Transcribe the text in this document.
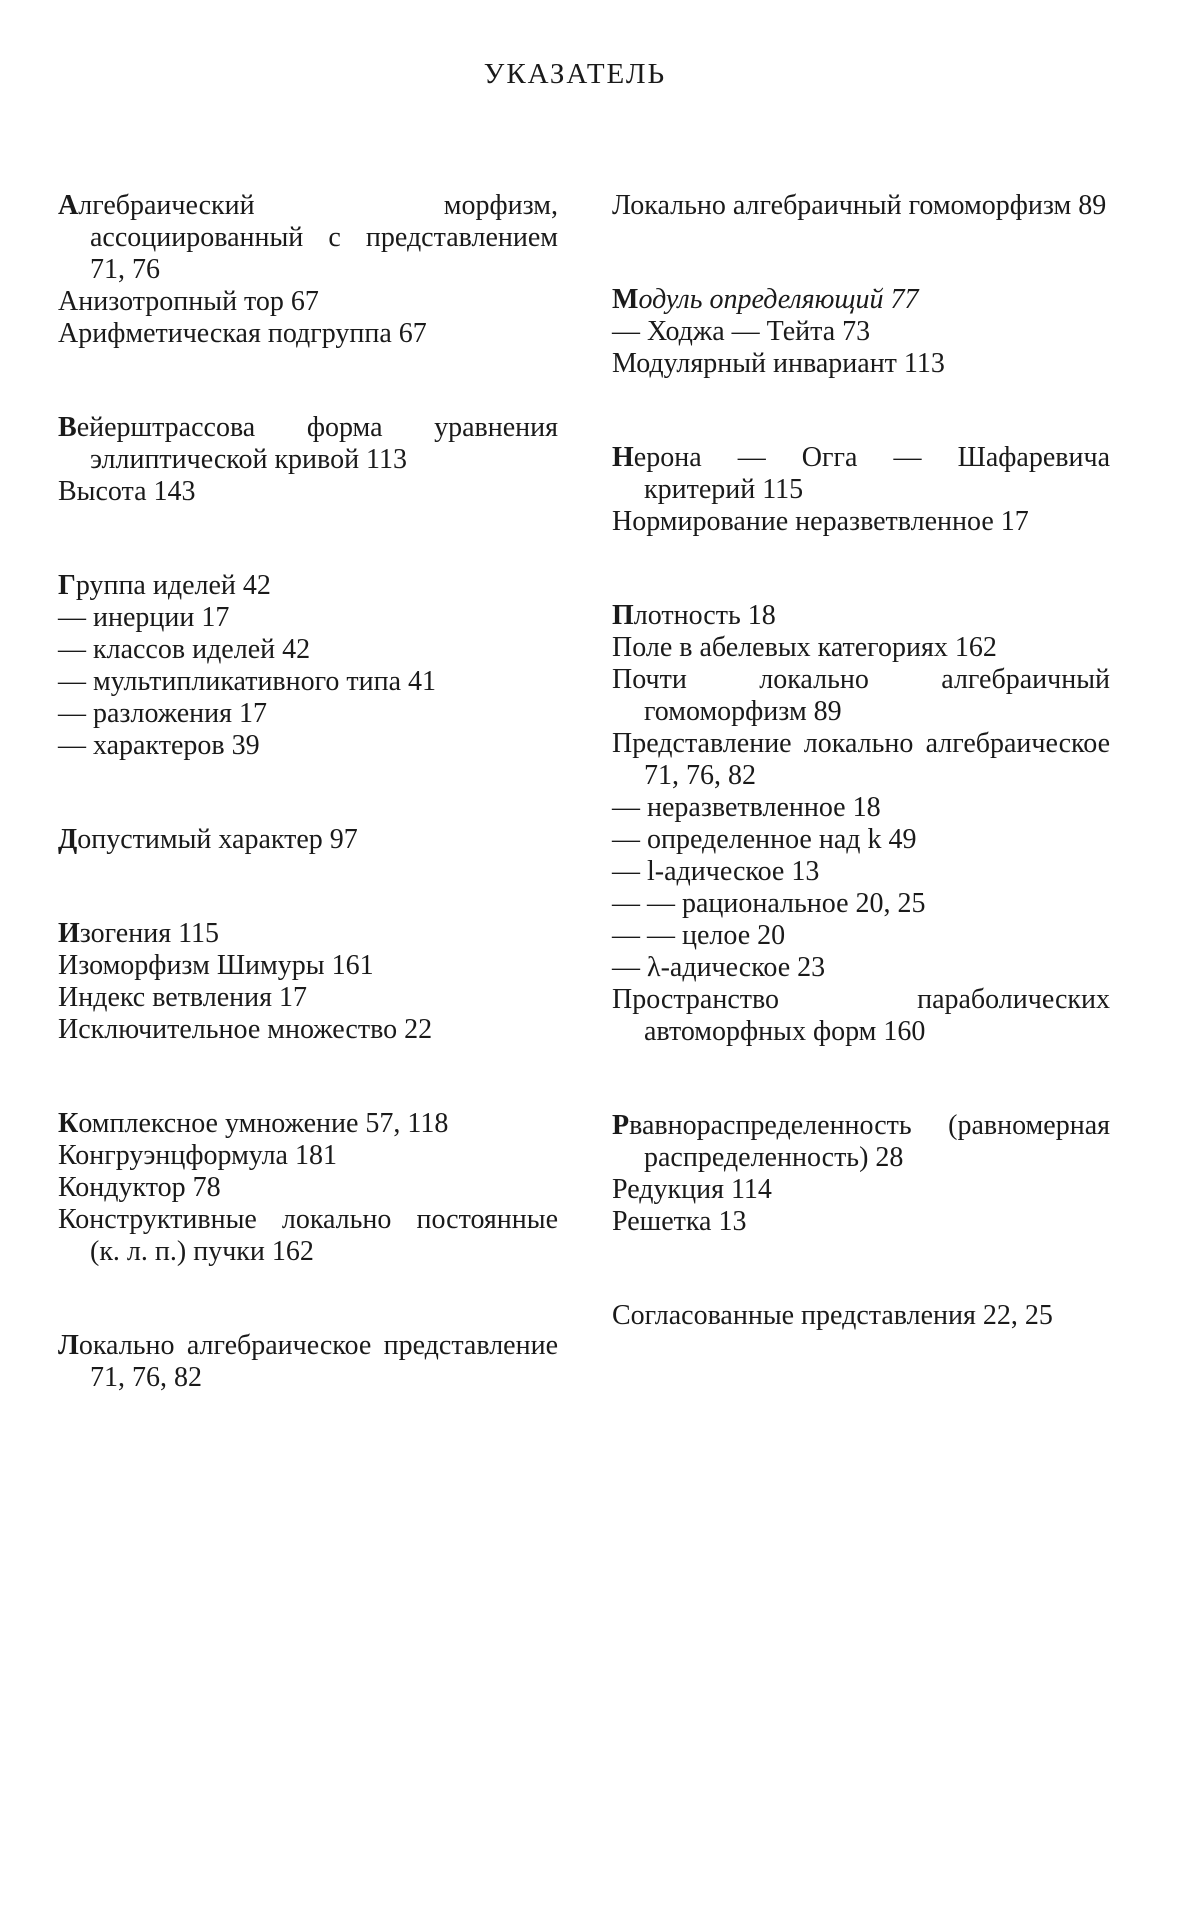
УКАЗАТЕЛЬ

Алгебраический морфизм, ассоциированный с представлением 71, 76

Анизотропный тор 67

Арифметическая подгруппа 67

Вейерштрассова форма уравнения эллиптической кривой 113

Высота 143

Группа иделей 42

— инерции 17

— классов иделей 42

— мультипликативного типа 41

— разложения 17

— характеров 39

Допустимый характер 97

Изогения 115

Изоморфизм Шимуры 161

Индекс ветвления 17

Исключительное множество 22

Комплексное умножение 57, 118

Конгруэнцформула 181

Кондуктор 78

Конструктивные локально постоянные (к. л. п.) пучки 162

Локально алгебраическое представление 71, 76, 82

Локально алгебраичный гомоморфизм 89

Модуль определяющий 77

— Ходжа — Тейта 73

Модулярный инвариант 113

Нерона — Огга — Шафаревича критерий 115

Нормирование неразветвленное 17

Плотность 18

Поле в абелевых категориях 162

Почти локально алгебраичный гомоморфизм 89

Представление локально алгебраическое 71, 76, 82

— неразветвленное 18

— определенное над k 49

— l-адическое 13

— — рациональное 20, 25

— — целое 20

— λ-адическое 23

Пространство параболических автоморфных форм 160

Рвавнораспределенность (равномерная распределенность) 28

Редукция 114

Решетка 13

Согласованные представления 22, 25
